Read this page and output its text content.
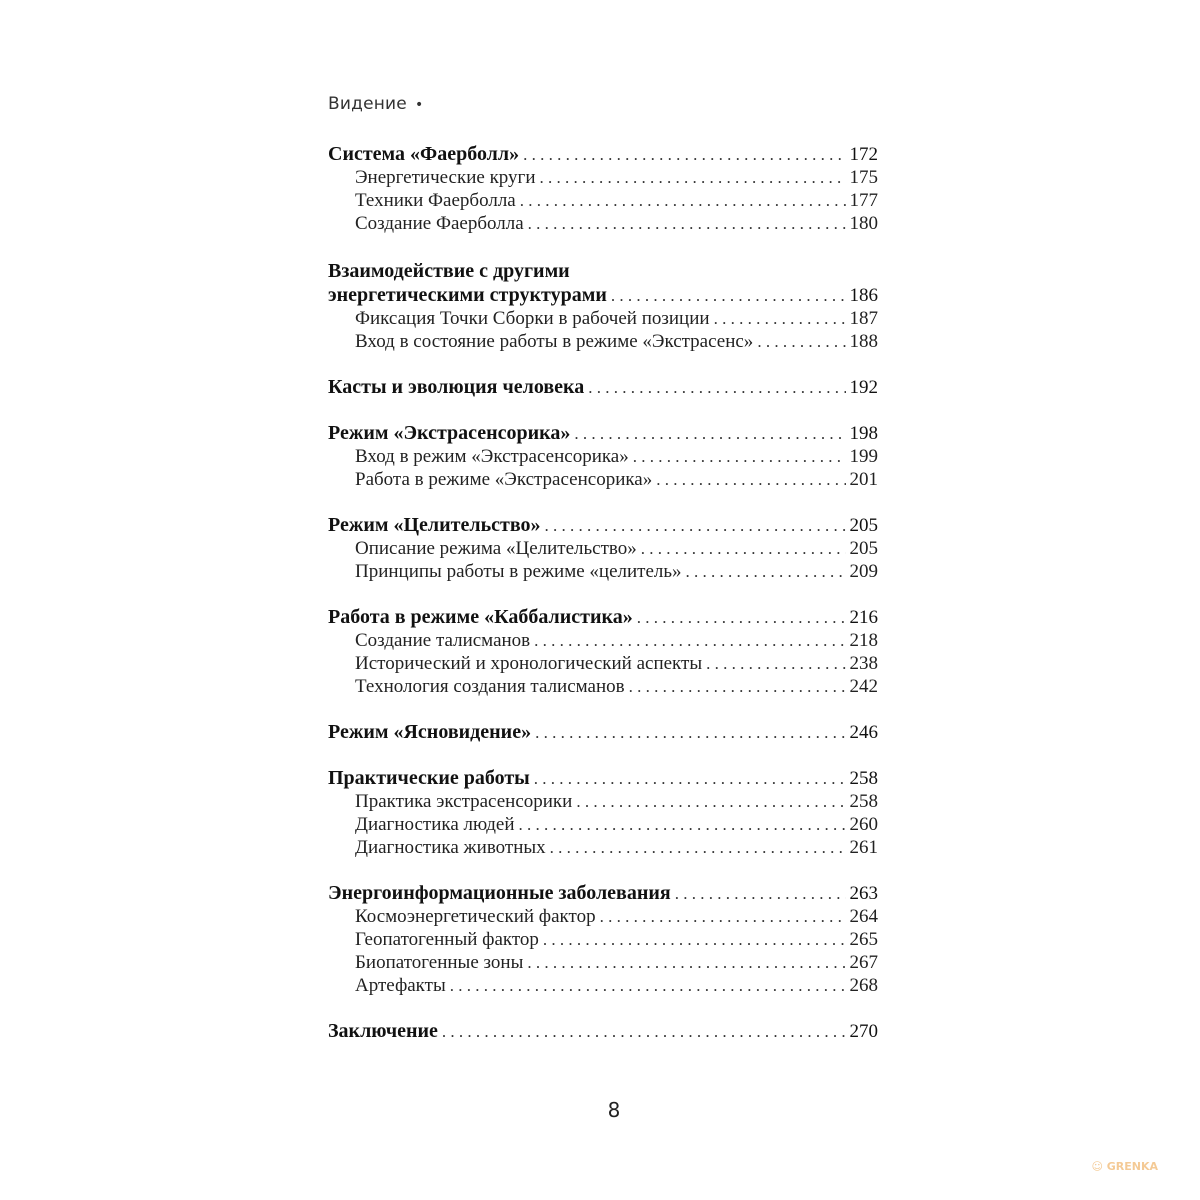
Видение •
Система «Фаерболл» . . .	172
Энергетические круги . . .	175
Техники Фаерболла . . .	177
Создание Фаерболла . . .	180
Взаимодействие с другими
энергетическими структурами . . .	186
Фиксация Точки Сборки в рабочей позиции . . .	187
Вход в состояние работы в режиме «Экстрасенс» . . .	188
Касты и эволюция человека . . .	192
Режим «Экстрасенсорика» . . .	198
Вход в режим «Экстрасенсорика» . . .	199
Работа в режиме «Экстрасенсорика» . . .	201
Режим «Целительство» . . .	205
Описание режима «Целительство» . . .	205
Принципы работы в режиме «целитель» . . .	209
Работа в режиме «Каббалистика» . . .	216
Создание талисманов . . .	218
Исторический и хронологический аспекты . . .	238
Технология создания талисманов . . .	242
Режим «Ясновидение» . . .	246
Практические работы . . .	258
Практика экстрасенсорики . . .	258
Диагностика людей . . .	260
Диагностика животных . . .	261
Энергоинформационные заболевания . . .	263
Космоэнергетический фактор . . .	264
Геопатогенный фактор . . .	265
Биопатогенные зоны . . .	267
Артефакты . . .	268
Заключение . . .	270
8
☺ GRENKA
